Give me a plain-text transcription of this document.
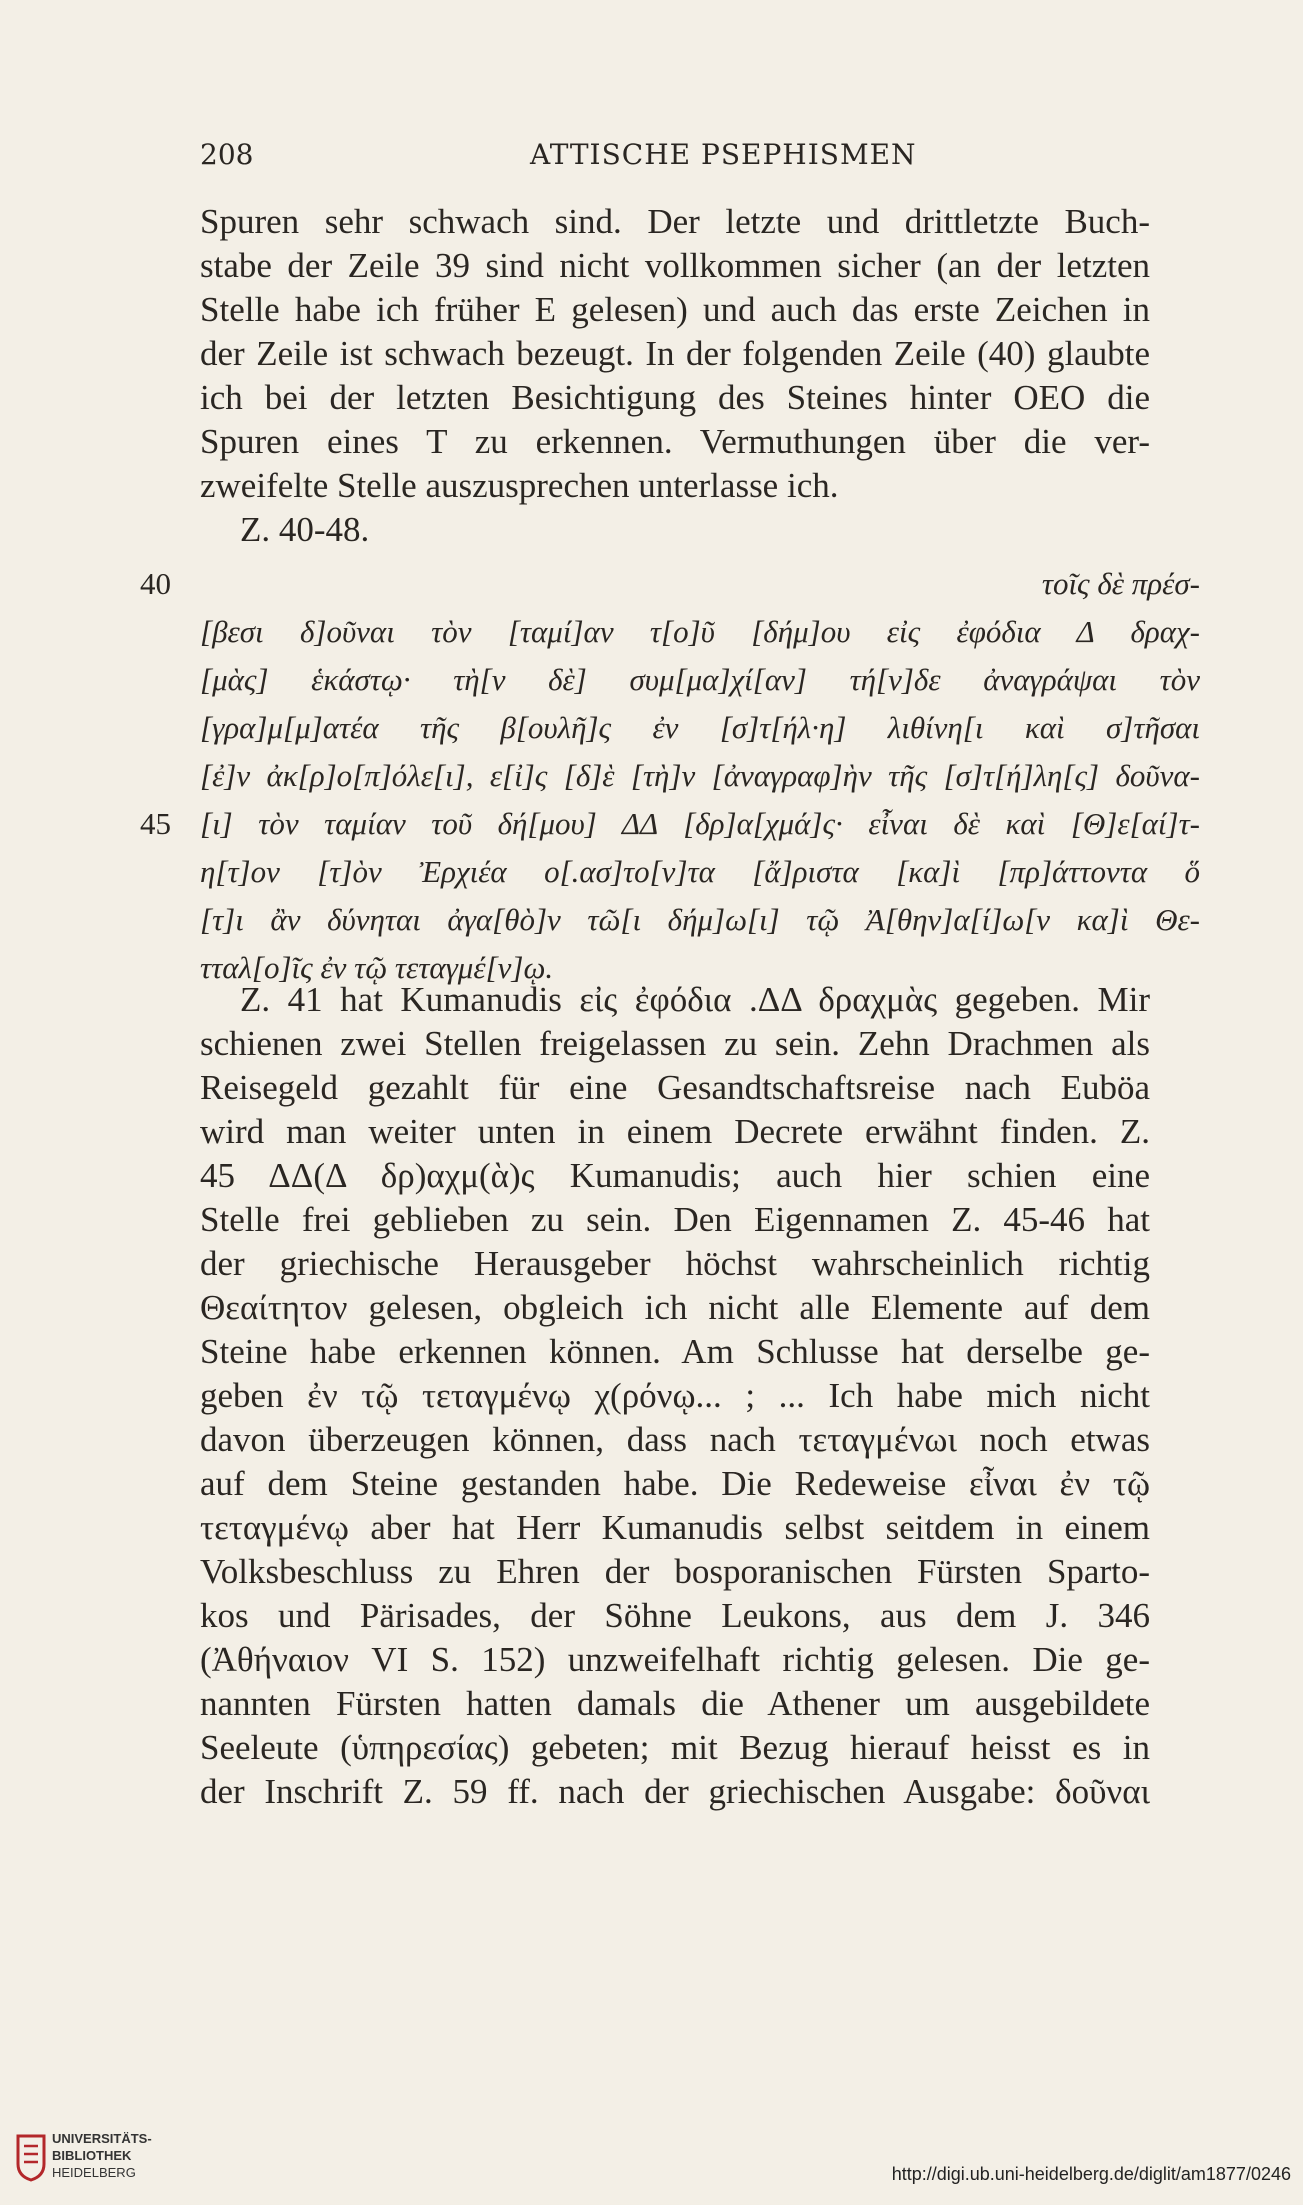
208	ATTISCHE PSEPHISMEN
Spuren sehr schwach sind. Der letzte und drittletzte Buch-
stabe der Zeile 39 sind nicht vollkommen sicher (an der letzten
Stelle habe ich früher E gelesen) und auch das erste Zeichen in
der Zeile ist schwach bezeugt. In der folgenden Zeile (40) glaubte
ich bei der letzten Besichtigung des Steines hinter ΟΕΟ die
Spuren eines T zu erkennen. Vermuthungen über die ver-
zweifelte Stelle auszusprechen unterlasse ich.
Z. 40-48.
40
45
τοῖς δὲ πρέσ-
[βεσι δ]οῦναι τὸν [ταμί]αν τ[ο]ῦ [δήμ]ου εἰς ἐφόδια Δ δραχ-
[μὰς] ἑκάστῳ· τὴ[ν δὲ] συμ[μα]χί[αν] τή[ν]δε ἀναγράψαι τὸν
[γρα]μ[μ]ατέα τῆς β[ουλῆ]ς ἐν [σ]τ[ήλ·η] λιθίνη[ι καὶ σ]τῆσαι
[ἐ]ν ἀκ[ρ]ο[π]όλε[ι], ε[ἰ]ς [δ]ὲ [τὴ]ν [ἀναγραφ]ὴν τῆς [σ]τ[ή]λη[ς] δοῦνα-
[ι] τὸν ταμίαν τοῦ δή[μου] ΔΔ [δρ]α[χμά]ς· εἶναι δὲ καὶ [Θ]ε[αί]τ-
η[τ]ον [τ]ὸν Ἐρχιέα ο[.ασ]το[ν]τα [ἄ]ριστα [κα]ὶ [πρ]άττοντα ὅ
[τ]ι ἂν δύνηται ἀγα[θὸ]ν τῶ[ι δήμ]ω[ι] τῷ Ἀ[θην]α[ί]ω[ν κα]ὶ Θε-
τταλ[ο]ῖς ἐν τῷ τεταγμέ[ν]ῳ.
Z. 41 hat Kumanudis εἰς ἐφόδια .ΔΔ δραχμὰς gegeben. Mir
schienen zwei Stellen freigelassen zu sein. Zehn Drachmen als
Reisegeld gezahlt für eine Gesandtschaftsreise nach Euböa
wird man weiter unten in einem Decrete erwähnt finden. Z.
45 ΔΔ(Δ δρ)αχμ(ὰ)ς Kumanudis; auch hier schien eine
Stelle frei geblieben zu sein. Den Eigennamen Z. 45-46 hat
der griechische Herausgeber höchst wahrscheinlich richtig
Θεαίτητον gelesen, obgleich ich nicht alle Elemente auf dem
Steine habe erkennen können. Am Schlusse hat derselbe ge-
geben ἐν τῷ τεταγμένῳ χ(ρόνῳ... ; ... Ich habe mich nicht
davon überzeugen können, dass nach τεταγμένωι noch etwas
auf dem Steine gestanden habe. Die Redeweise εἶναι ἐν τῷ
τεταγμένῳ aber hat Herr Kumanudis selbst seitdem in einem
Volksbeschluss zu Ehren der bosporanischen Fürsten Sparto-
kos und Pärisades, der Söhne Leukons, aus dem J. 346
(Ἀθήναιον VI S. 152) unzweifelhaft richtig gelesen. Die ge-
nannten Fürsten hatten damals die Athener um ausgebildete
Seeleute (ὑπηρεσίας) gebeten; mit Bezug hierauf heisst es in
der Inschrift Z. 59 ff. nach der griechischen Ausgabe: δοῦναι
UNIVERSITÄTS-
BIBLIOTHEK
HEIDELBERG	http://digi.ub.uni-heidelberg.de/diglit/am1877/0246
